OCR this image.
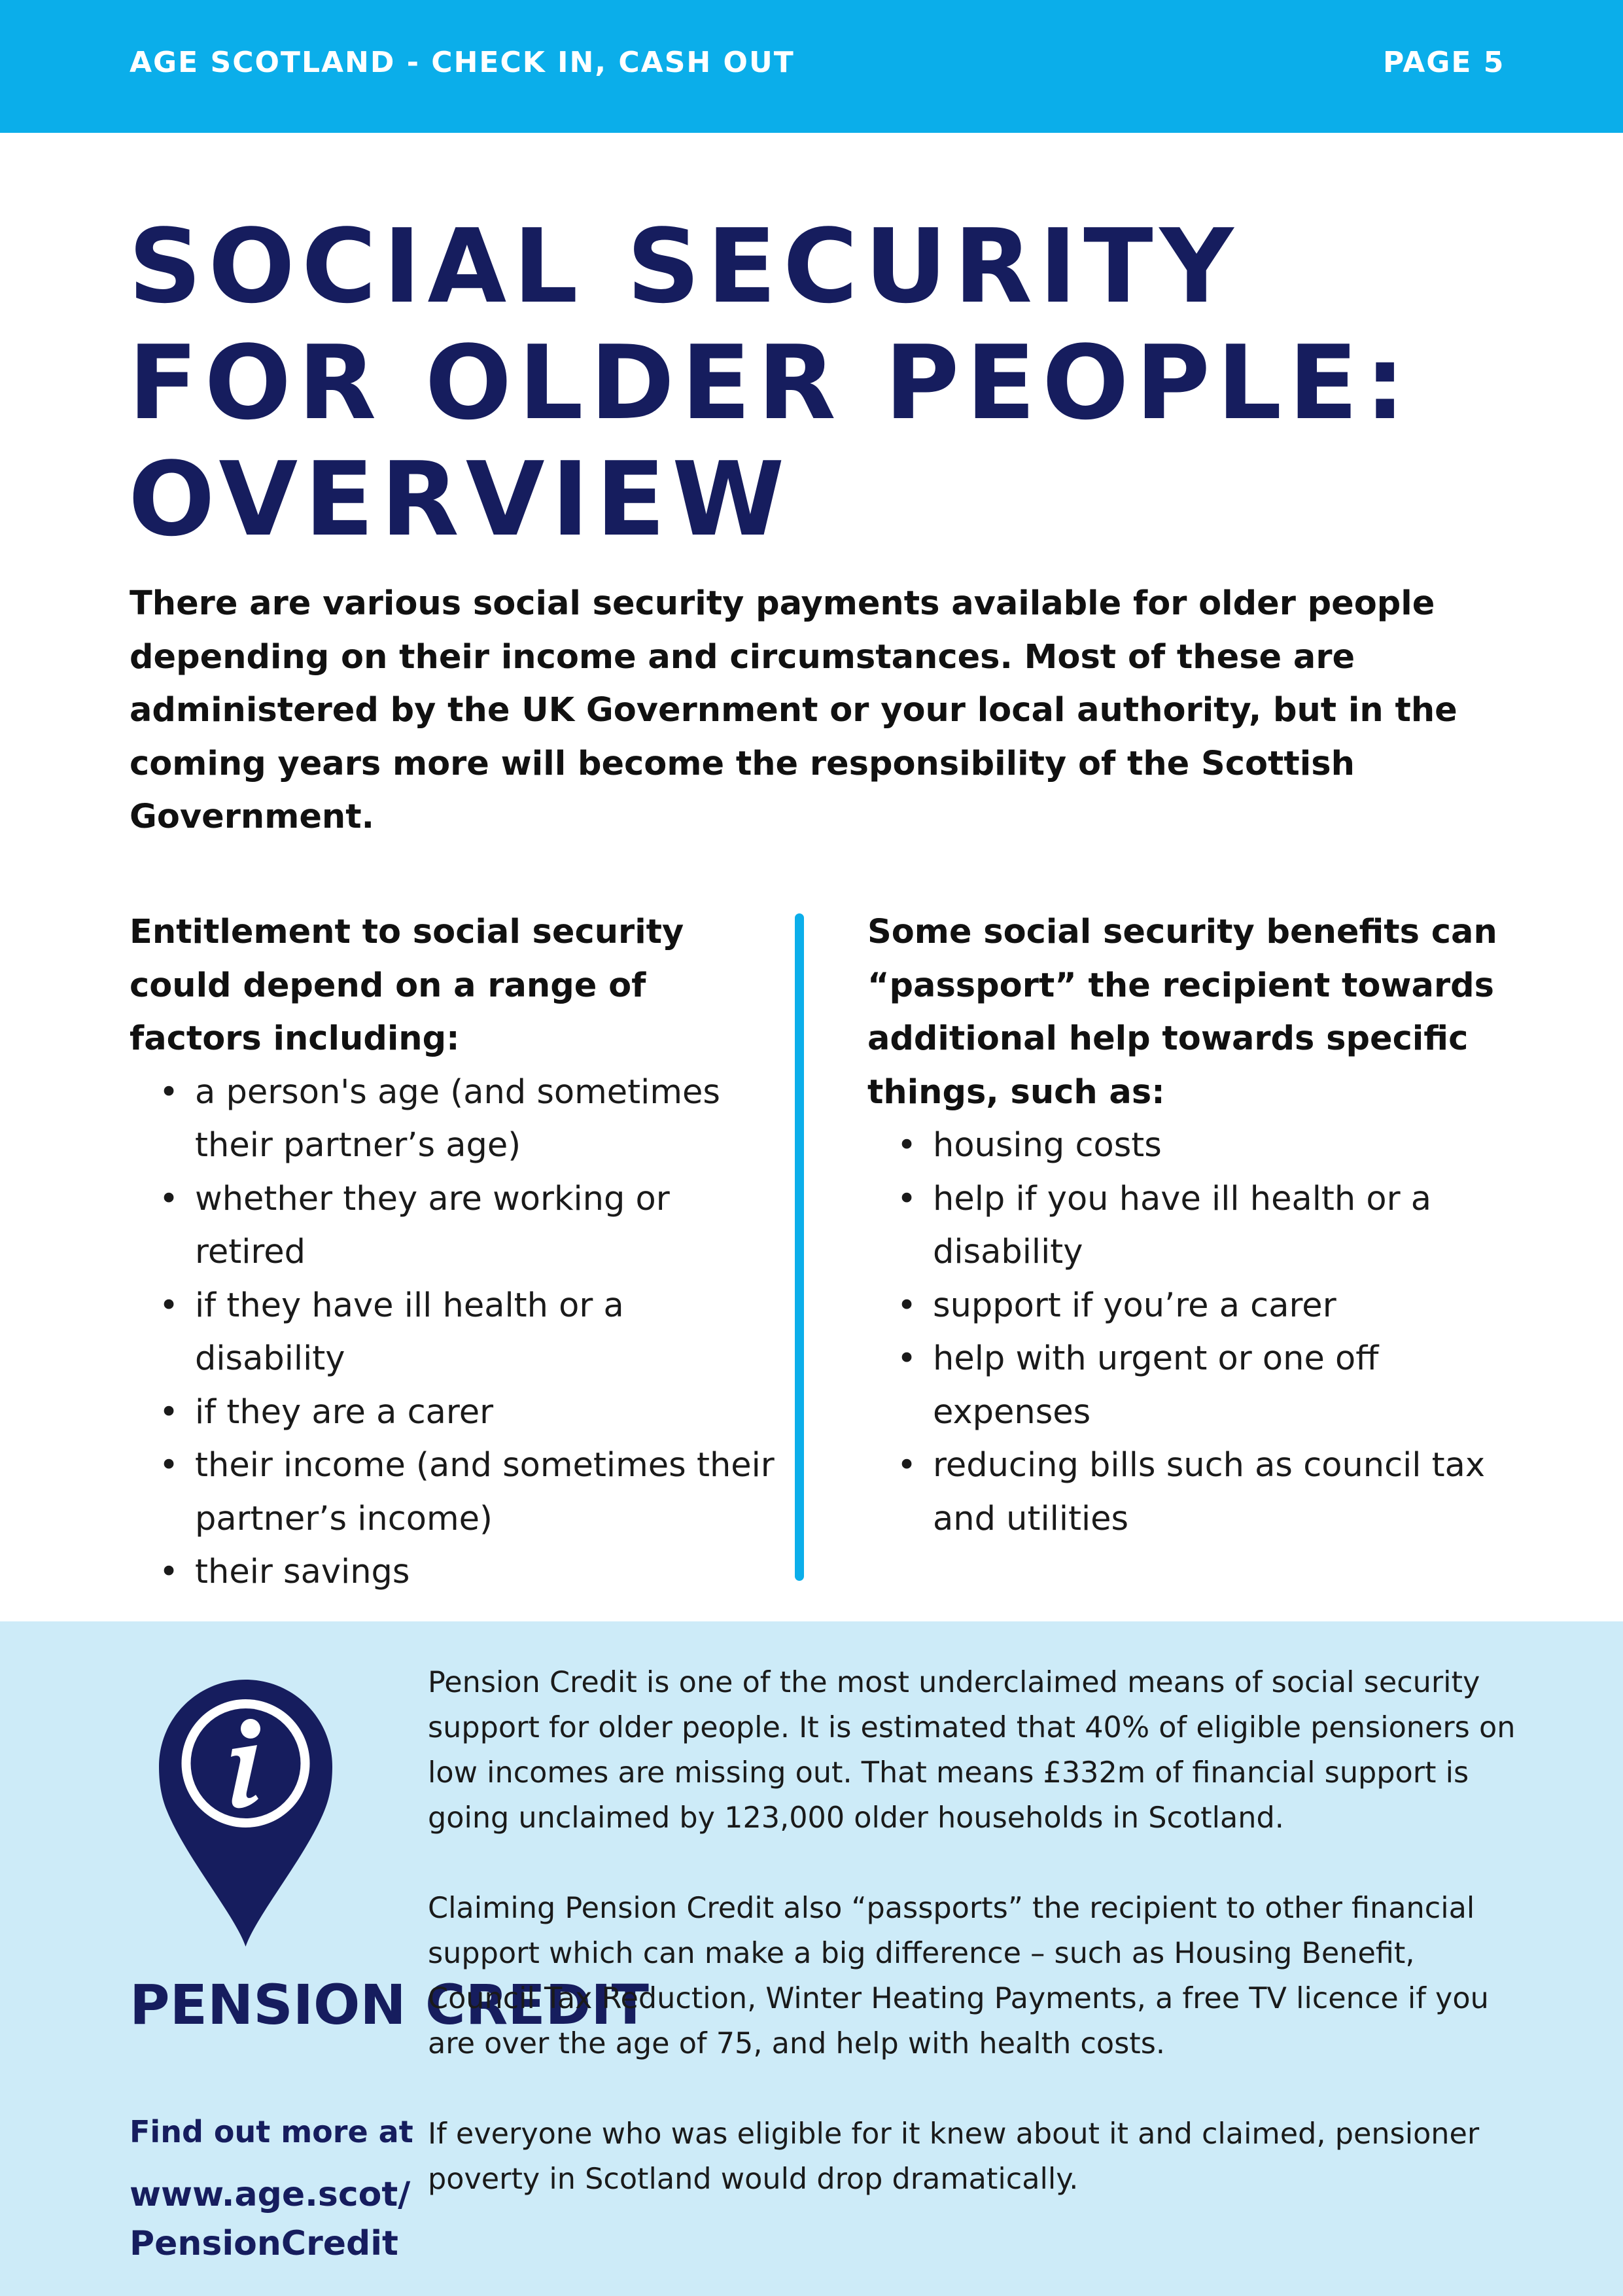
AGE SCOTLAND - CHECK IN, CASH OUT	PAGE 5
SOCIAL SECURITY FOR OLDER PEOPLE: OVERVIEW

There are various social security payments available for older people depending on their income and circumstances. Most of these are administered by the UK Government or your local authority, but in the coming years more will become the responsibility of the Scottish Government.

Entitlement to social security could depend on a range of factors including:

• a person's age (and sometimes their partner’s age)
• whether they are working or retired
• if they have ill health or a disability
• if they are a carer
• their income (and sometimes their partner’s income)
• their savings

Some social security benefits can “passport” the recipient towards additional help towards specific things, such as:

• housing costs
• help if you have ill health or a disability
• support if you’re a carer
• help with urgent or one off expenses
• reducing bills such as council tax and utilities
PENSION CREDIT
Find out more at
www.age.scot/
PensionCredit

Pension Credit is one of the most underclaimed means of social security support for older people. It is estimated that 40% of eligible pensioners on low incomes are missing out. That means £332m of financial support is going unclaimed by 123,000 older households in Scotland.

Claiming Pension Credit also “passports” the recipient to other financial support which can make a big difference – such as Housing Benefit, Council Tax Reduction, Winter Heating Payments, a free TV licence if you are over the age of 75, and help with health costs.

If everyone who was eligible for it knew about it and claimed, pensioner poverty in Scotland would drop dramatically.
